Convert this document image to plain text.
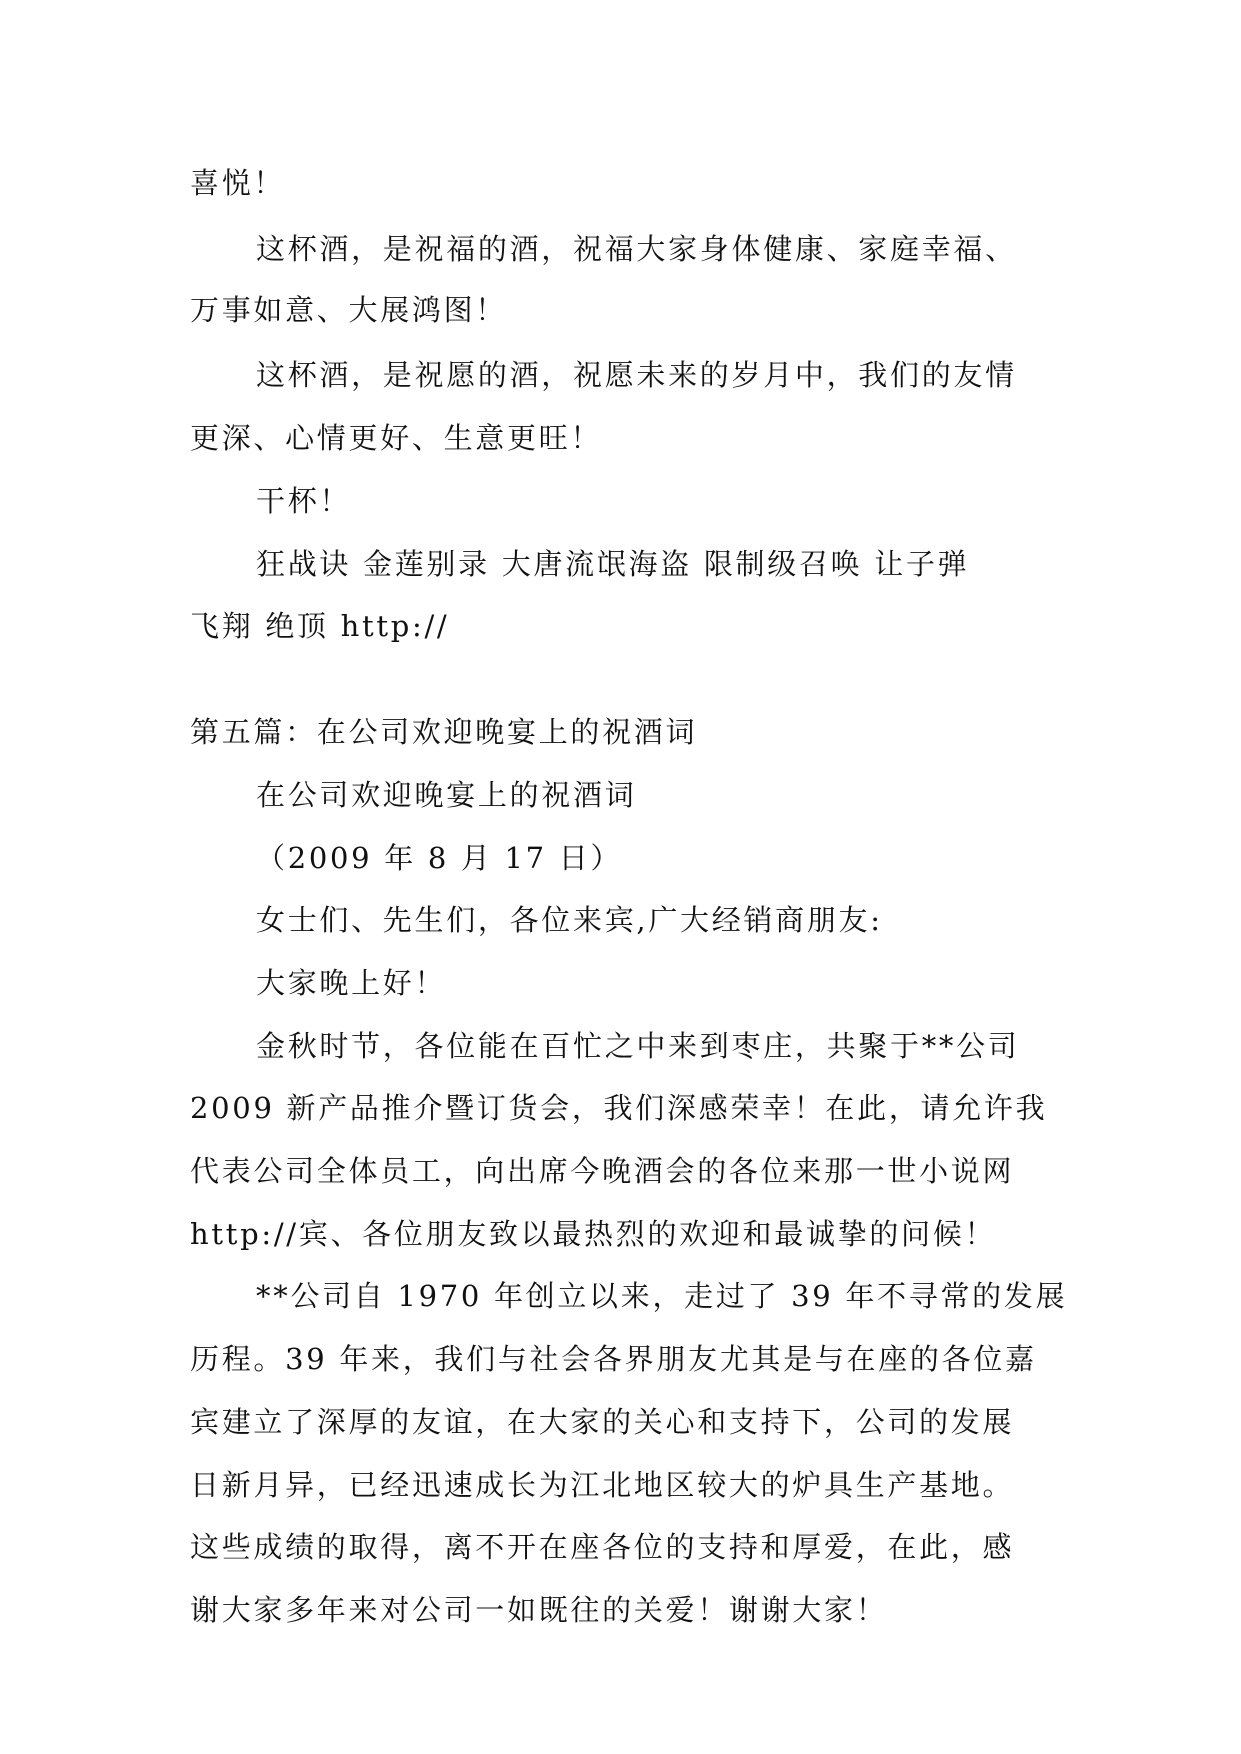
喜悦！
这杯酒，是祝福的酒，祝福大家身体健康、家庭幸福、
万事如意、大展鸿图！
这杯酒，是祝愿的酒，祝愿未来的岁月中，我们的友情
更深、心情更好、生意更旺！
干杯！
狂战诀 金莲别录 大唐流氓海盗 限制级召唤 让子弹
飞翔 绝顶 http://
第五篇：在公司欢迎晚宴上的祝酒词
在公司欢迎晚宴上的祝酒词
（2009 年 8 月 17 日）
女士们、先生们，各位来宾,广大经销商朋友:
大家晚上好！
金秋时节，各位能在百忙之中来到枣庄，共聚于**公司
2009 新产品推介暨订货会，我们深感荣幸！在此，请允许我
代表公司全体员工，向出席今晚酒会的各位来那一世小说网
http://宾、各位朋友致以最热烈的欢迎和最诚挚的问候！
**公司自 1970 年创立以来，走过了 39 年不寻常的发展
历程。39 年来，我们与社会各界朋友尤其是与在座的各位嘉
宾建立了深厚的友谊，在大家的关心和支持下，公司的发展
日新月异，已经迅速成长为江北地区较大的炉具生产基地。
这些成绩的取得，离不开在座各位的支持和厚爱，在此，感
谢大家多年来对公司一如既往的关爱！谢谢大家！
